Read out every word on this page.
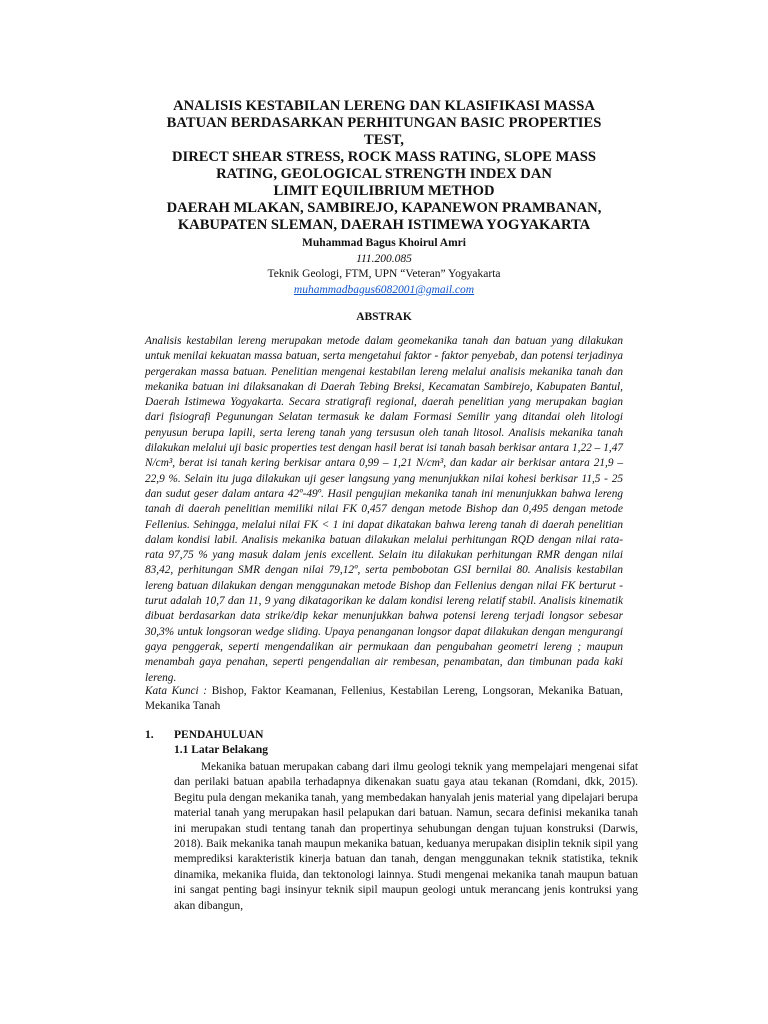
ANALISIS KESTABILAN LERENG DAN KLASIFIKASI MASSA
BATUAN BERDASARKAN PERHITUNGAN BASIC PROPERTIES TEST,
DIRECT SHEAR STRESS, ROCK MASS RATING, SLOPE MASS
RATING, GEOLOGICAL STRENGTH INDEX DAN
LIMIT EQUILIBRIUM METHOD
DAERAH MLAKAN, SAMBIREJO, KAPANEWON PRAMBANAN,
KABUPATEN SLEMAN, DAERAH ISTIMEWA YOGYAKARTA
Muhammad Bagus Khoirul Amri
111.200.085
Teknik Geologi, FTM, UPN “Veteran” Yogyakarta
muhammadbagus6082001@gmail.com
ABSTRAK

Analisis kestabilan lereng merupakan metode dalam geomekanika tanah dan batuan yang dilakukan untuk menilai kekuatan massa batuan, serta mengetahui faktor - faktor penyebab, dan potensi terjadinya pergerakan massa batuan. Penelitian mengenai kestabilan lereng melalui analisis mekanika tanah dan mekanika batuan ini dilaksanakan di Daerah Tebing Breksi, Kecamatan Sambirejo, Kabupaten Bantul, Daerah Istimewa Yogyakarta. Secara stratigrafi regional, daerah penelitian yang merupakan bagian dari fisiografi Pegunungan Selatan termasuk ke dalam Formasi Semilir yang ditandai oleh litologi penyusun berupa lapili, serta lereng tanah yang tersusun oleh tanah litosol. Analisis mekanika tanah dilakukan melalui uji basic properties test dengan hasil berat isi tanah basah berkisar antara 1,22 – 1,47 N/cm³, berat isi tanah kering berkisar antara 0,99 – 1,21 N/cm³, dan kadar air berkisar antara 21,9 – 22,9 %. Selain itu juga dilakukan uji geser langsung yang menunjukkan nilai kohesi berkisar 11,5 - 25 dan sudut geser dalam antara 42º-49º. Hasil pengujian mekanika tanah ini menunjukkan bahwa lereng tanah di daerah penelitian memiliki nilai FK 0,457 dengan metode Bishop dan 0,495 dengan metode Fellenius. Sehingga, melalui nilai FK < 1 ini dapat dikatakan bahwa lereng tanah di daerah penelitian dalam kondisi labil. Analisis mekanika batuan dilakukan melalui perhitungan RQD dengan nilai rata-rata 97,75 % yang masuk dalam jenis excellent. Selain itu dilakukan perhitungan RMR dengan nilai 83,42, perhitungan SMR dengan nilai 79,12º, serta pembobotan GSI bernilai 80. Analisis kestabilan lereng batuan dilakukan dengan menggunakan metode Bishop dan Fellenius dengan nilai FK berturut - turut adalah 10,7 dan 11, 9 yang dikatagorikan ke dalam kondisi lereng relatif stabil. Analisis kinematik dibuat berdasarkan data strike/dip kekar menunjukkan bahwa potensi lereng terjadi longsor sebesar 30,3% untuk longsoran wedge sliding. Upaya penanganan longsor dapat dilakukan dengan mengurangi gaya penggerak, seperti mengendalikan air permukaan dan pengubahan geometri lereng ; maupun menambah gaya penahan, seperti pengendalian air rembesan, penambatan, dan timbunan pada kaki lereng.

Kata Kunci : Bishop, Faktor Keamanan, Fellenius, Kestabilan Lereng, Longsoran, Mekanika Batuan, Mekanika Tanah

1. PENDAHULUAN
1.1 Latar Belakang

Mekanika batuan merupakan cabang dari ilmu geologi teknik yang mempelajari mengenai sifat dan perilaki batuan apabila terhadapnya dikenakan suatu gaya atau tekanan (Romdani, dkk, 2015). Begitu pula dengan mekanika tanah, yang membedakan hanyalah jenis material yang dipelajari berupa material tanah yang merupakan hasil pelapukan dari batuan. Namun, secara definisi mekanika tanah ini merupakan studi tentang tanah dan propertinya sehubungan dengan tujuan konstruksi (Darwis, 2018). Baik mekanika tanah maupun mekanika batuan, keduanya merupakan disiplin teknik sipil yang memprediksi karakteristik kinerja batuan dan tanah, dengan menggunakan teknik statistika, teknik dinamika, mekanika fluida, dan tektonologi lainnya. Studi mengenai mekanika tanah maupun batuan ini sangat penting bagi insinyur teknik sipil maupun geologi untuk merancang jenis kontruksi yang akan dibangun,
